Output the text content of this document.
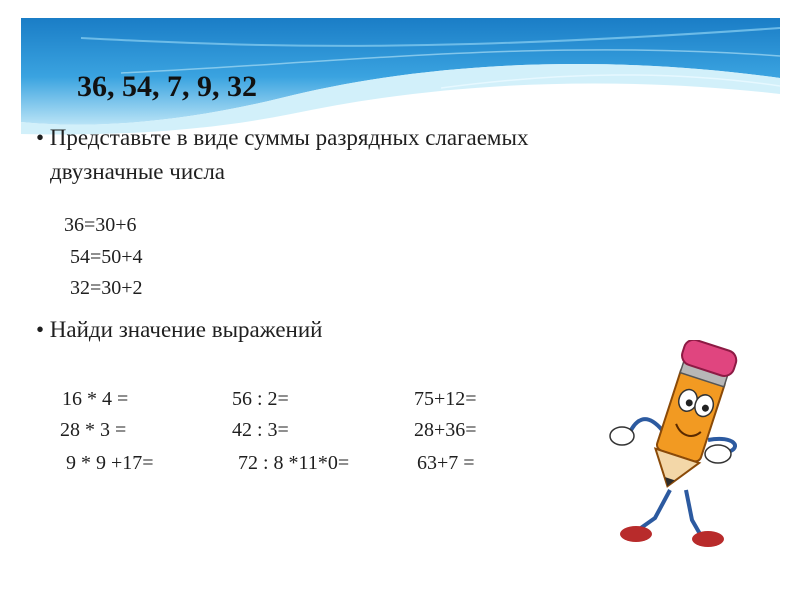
36, 54, 7, 9, 32
• Представьте в виде суммы разрядных слагаемых
двузначные числа
36=30+6
54=50+4
32=30+2
• Найди значение выражений
16 * 4 =
28 * 3 =
9 * 9 +17=
56 : 2=
42 : 3=
72 : 8 *11*0=
75+12=
28+36=
63+7 =
